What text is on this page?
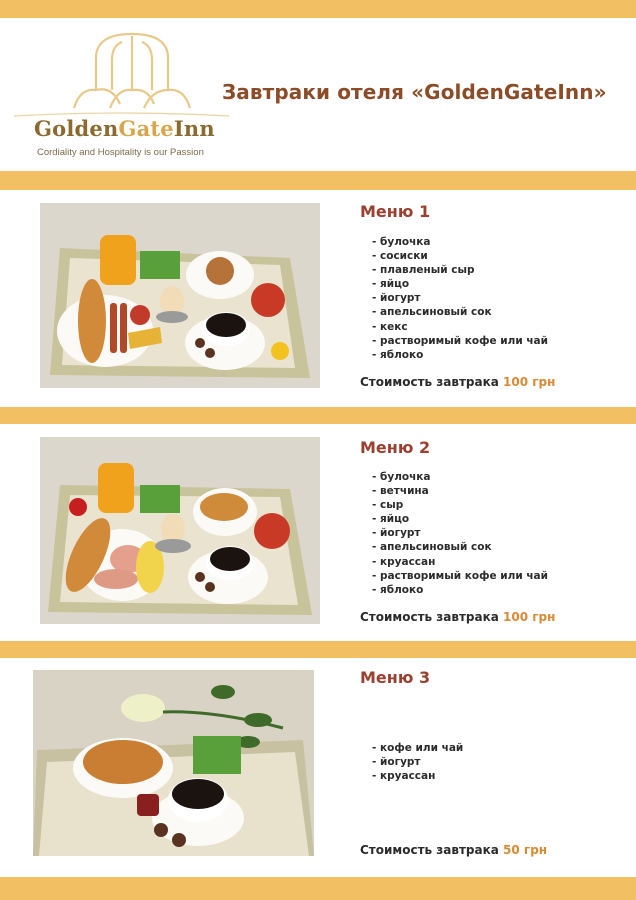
GoldenGateInn
Cordiality and Hospitality is our Passion
Завтраки отеля «GoldenGateInn»
Меню 1
- булочка
- сосиски
- плавленый сыр
- яйцо
- йогурт
- апельсиновый сок
- кекс
- растворимый кофе или чай
- яблоко
Стоимость завтрака 100 грн
Меню 2
- булочка
- ветчина
- сыр
- яйцо
- йогурт
- апельсиновый сок
- круассан
- растворимый кофе или чай
- яблоко
Стоимость завтрака 100 грн
Меню 3
- кофе или чай
- йогурт
- круассан
Стоимость завтрака 50 грн
